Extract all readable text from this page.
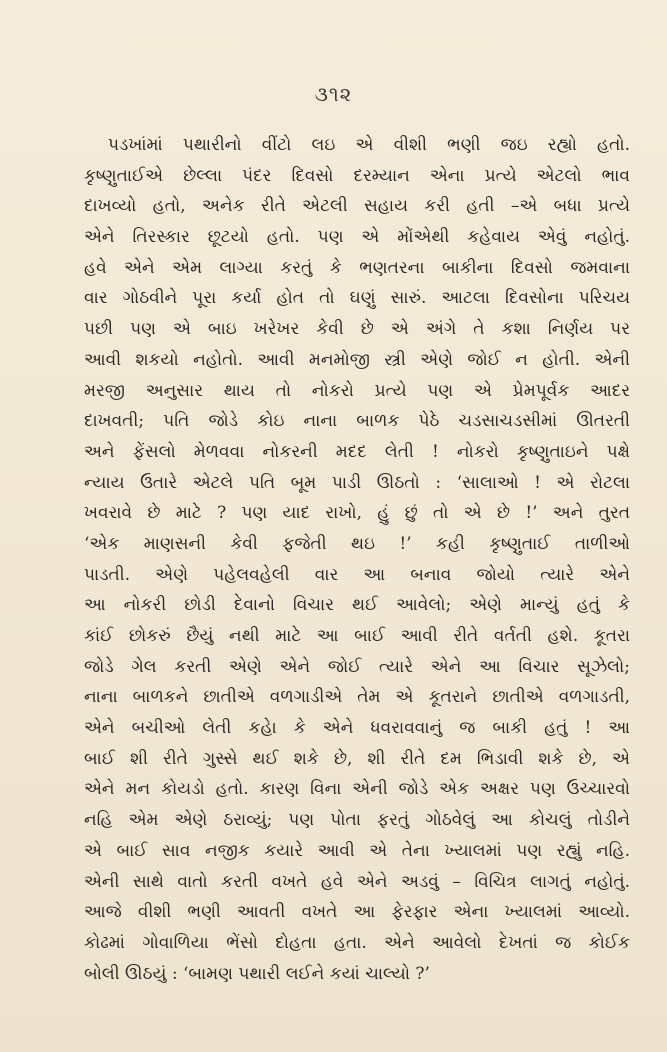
૩૧૨
પડખાંમાં પથારીનો વીંટો લઇ એ વીશી ભણી જઇ રહ્યો હતો.
કૃષ્ણુતાઈએ છેલ્લા પંદર દિવસો દરમ્યાન એના પ્રત્યે એટલો ભાવ
દાખવ્યો હતો, અનેક રીતે એટલી સહાય કરી હતી –એ બધા પ્રત્યે
એને તિરસ્કાર છૂટયો હતો. પણ એ મોંએથી કહેવાય એવું નહોતું.
હવે એને એમ લાગ્યા કરતું કે ભણતરના બાકીના દિવસો જમવાના
વાર ગોઠવીને પૂરા કર્યા હોત તો ઘણું સારું. આટલા દિવસોના પરિચય
પછી પણ એ બાઇ ખરેખર કેવી છે એ અંગે તે કશા નિર્ણય પર
આવી શકયો નહોતો. આવી મનમોજી સ્ત્રી એણે જોઈ ન હોતી. એની
મરજી અનુસાર થાય તો નોકરો પ્રત્યે પણ એ પ્રેમપૂર્વક આદર
દાખવતી; પતિ જોડે કોઇ નાના બાળક પેઠે ચડસાચડસીમાં ઊતરતી
અને ફેંસલો મેળવવા નોકરની મદદ લેતી ! નોકરો કૃષ્ણુતાઇને પક્ષે
ન્યાય ઉતારે એટલે પતિ બૂમ પાડી ઊઠતો : ‘સાલાઓ ! એ રોટલા
ખવરાવે છે માટે ? પણ યાદ રાખો, હું છું તો એ છે !’ અને તુરત
‘એક માણસની કેવી ફજેતી થઇ !’ કહી કૃષ્ણુતાઈ તાળીઓ
પાડતી. એણે પહેલવહેલી વાર આ બનાવ જોયો ત્યારે એને
આ નોકરી છોડી દેવાનો વિચાર થઈ આવેલો; એણે માન્યું હતું કે
કાંઈ છોકરું છૈયું નથી માટે આ બાઈ આવી રીતે વર્તતી હશે. કૂતરા
જોડે ગેલ કરતી એણે એને જોઈ ત્યારે એને આ વિચાર સૂઝેલો;
નાના બાળકને છાતીએ વળગાડીએ તેમ એ કૂતરાને છાતીએ વળગાડતી,
એને બચીઓ લેતી કહેા કે એને ધવરાવવાનું જ બાકી હતું ! આ
બાઈ શી રીતે ગુસ્સે થઈ શકે છે, શી રીતે દમ ભિડાવી શકે છે, એ
એને મન કોયડો હતો. કારણ વિના એની જોડે એક અક્ષર પણ ઉચ્ચારવો
નહિ એમ એણે ઠરાવ્યું; પણ પોતા ફરતું ગોઠવેલું આ કોચલું તોડીને
એ બાઈ સાવ નજીક કયારે આવી એ તેના ખ્યાલમાં પણ રહ્યું નહિ.
એની સાથે વાતો કરતી વખતે હવે એને અડવું – વિચિત્ર લાગતું નહોતું.
આજે વીશી ભણી આવતી વખતે આ ફેરફાર એના ખ્યાલમાં આવ્યો.
કોઢમાં ગોવાળિયા ભેંસો દોહતા હતા. એને આવેલો દેખતાં જ કોઈક
બોલી ઊઠયું : ‘બામણ પથારી લઈને કયાં ચાલ્યો ?’
